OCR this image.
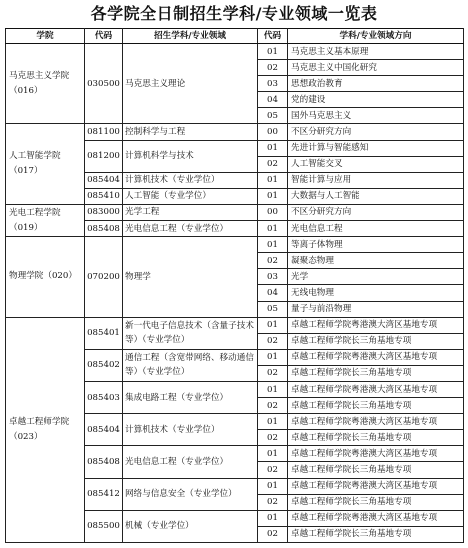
各学院全日制招生学科/专业领域一览表
学院	代码	招生学科/专业领域	代码	学科/专业领域方向

马克思主义学院
（016）	030500	马克思主义理论	01	马克思主义基本原理
			02	马克思主义中国化研究
			03	思想政治教育
			04	党的建设
			05	国外马克思主义

人工智能学院
（017）	081100	控制科学与工程	00	不区分研究方向
	081200	计算机科学与技术	01	先进计算与智能感知
			02	人工智能交叉
	085404	计算机技术（专业学位）	01	智能计算与应用
	085410	人工智能（专业学位）	01	大数据与人工智能
光电工程学院
（019）	083000	光学工程	00	不区分研究方向
	085408	光电信息工程（专业学位）	01	光电信息工程

物理学院（020）	070200	物理学	01	等离子体物理
			02	凝聚态物理
			03	光学
			04	无线电物理
			05	量子与前沿物理

卓越工程师学院
（023）	085401	新一代电子信息技术（含量子技术等）（专业学位）	01	卓越工程师学院粤港澳大湾区基地专项
			02	卓越工程师学院长三角基地专项
	085402	通信工程（含宽带网络、移动通信等）（专业学位）	01	卓越工程师学院粤港澳大湾区基地专项
			02	卓越工程师学院长三角基地专项
	085403	集成电路工程（专业学位）	01	卓越工程师学院粤港澳大湾区基地专项
			02	卓越工程师学院长三角基地专项
	085404	计算机技术（专业学位）	01	卓越工程师学院粤港澳大湾区基地专项
			02	卓越工程师学院长三角基地专项
	085408	光电信息工程（专业学位）	01	卓越工程师学院粤港澳大湾区基地专项
			02	卓越工程师学院长三角基地专项
	085412	网络与信息安全（专业学位）	01	卓越工程师学院粤港澳大湾区基地专项
			02	卓越工程师学院长三角基地专项
	085500	机械（专业学位）	01	卓越工程师学院粤港澳大湾区基地专项
			02	卓越工程师学院长三角基地专项
